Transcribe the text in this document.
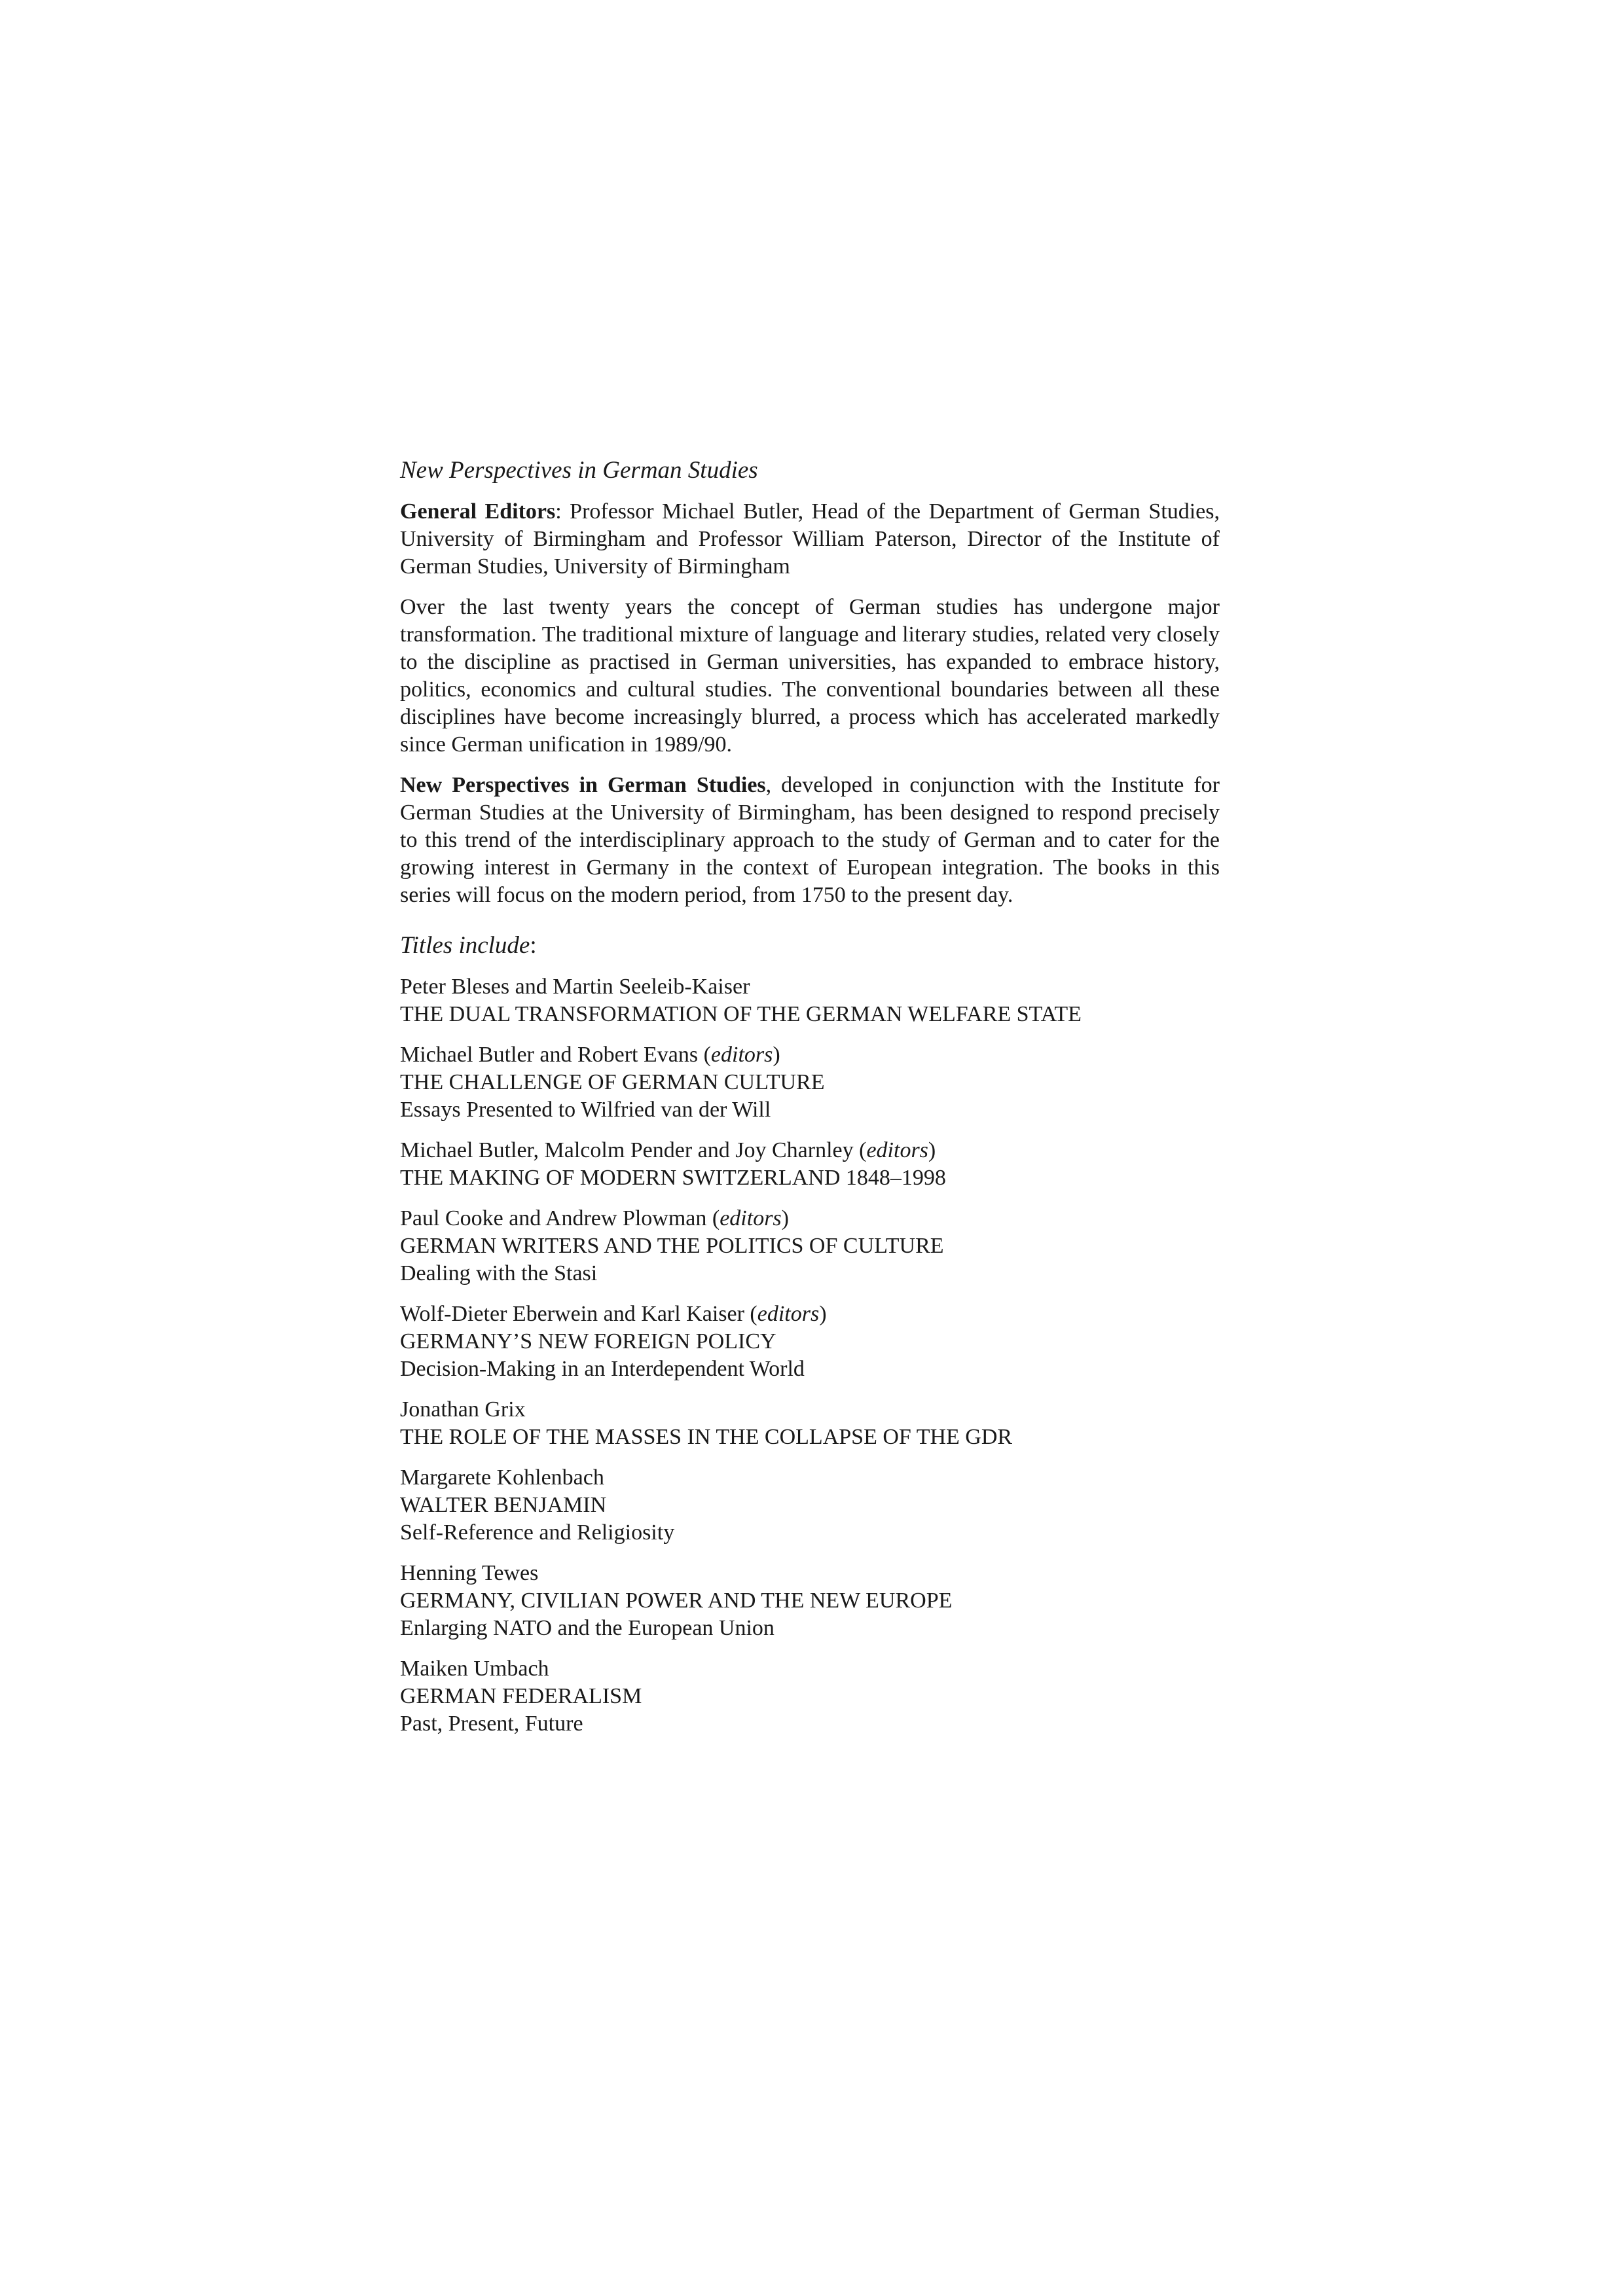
New Perspectives in German Studies

General Editors: Professor Michael Butler, Head of the Department of German Studies, University of Birmingham and Professor William Paterson, Director of the Institute of German Studies, University of Birmingham

Over the last twenty years the concept of German studies has undergone major transformation. The traditional mixture of language and literary studies, related very closely to the discipline as practised in German universities, has expanded to embrace history, politics, economics and cultural studies. The conventional boundaries between all these disciplines have become increasingly blurred, a process which has accelerated markedly since German unification in 1989/90.

New Perspectives in German Studies, developed in conjunction with the Institute for German Studies at the University of Birmingham, has been designed to respond precisely to this trend of the interdisciplinary approach to the study of German and to cater for the growing interest in Germany in the context of European integration. The books in this series will focus on the modern period, from 1750 to the present day.

Titles include:
Peter Bleses and Martin Seeleib-Kaiser
THE DUAL TRANSFORMATION OF THE GERMAN WELFARE STATE
Michael Butler and Robert Evans (editors)
THE CHALLENGE OF GERMAN CULTURE
Essays Presented to Wilfried van der Will
Michael Butler, Malcolm Pender and Joy Charnley (editors)
THE MAKING OF MODERN SWITZERLAND 1848–1998
Paul Cooke and Andrew Plowman (editors)
GERMAN WRITERS AND THE POLITICS OF CULTURE
Dealing with the Stasi
Wolf-Dieter Eberwein and Karl Kaiser (editors)
GERMANY’S NEW FOREIGN POLICY
Decision-Making in an Interdependent World
Jonathan Grix
THE ROLE OF THE MASSES IN THE COLLAPSE OF THE GDR
Margarete Kohlenbach
WALTER BENJAMIN
Self-Reference and Religiosity
Henning Tewes
GERMANY, CIVILIAN POWER AND THE NEW EUROPE
Enlarging NATO and the European Union
Maiken Umbach
GERMAN FEDERALISM
Past, Present, Future
